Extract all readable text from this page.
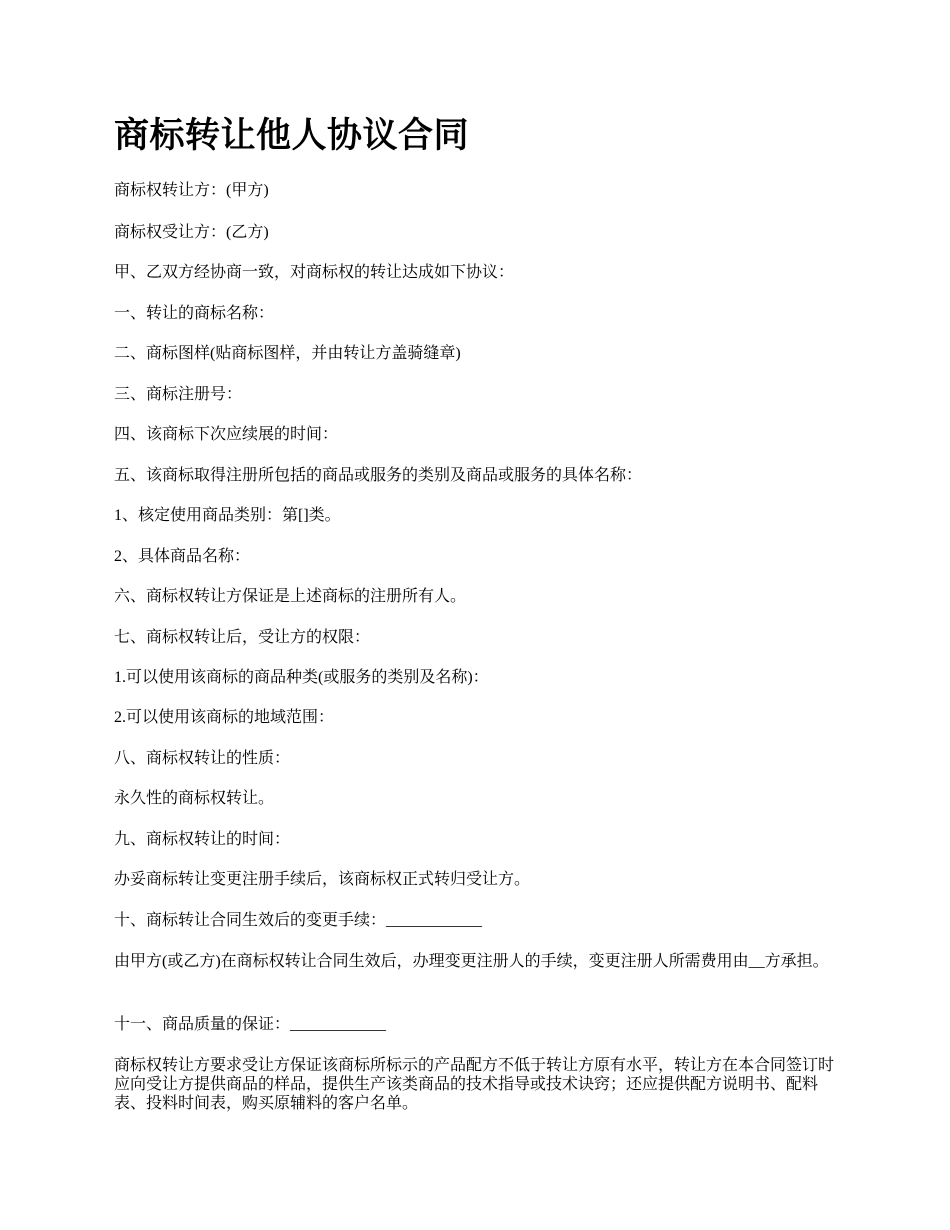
商标转让他人协议合同

商标权转让方：(甲方)

商标权受让方：(乙方)

甲、乙双方经协商一致，对商标权的转让达成如下协议：

一、转让的商标名称：

二、商标图样(贴商标图样，并由转让方盖骑缝章)

三、商标注册号：

四、该商标下次应续展的时间：

五、该商标取得注册所包括的商品或服务的类别及商品或服务的具体名称：

1、核定使用商品类别：第[]类。

2、具体商品名称：

六、商标权转让方保证是上述商标的注册所有人。

七、商标权转让后，受让方的权限：

1.可以使用该商标的商品种类(或服务的类别及名称)：

2.可以使用该商标的地域范围：

八、商标权转让的性质：

永久性的商标权转让。

九、商标权转让的时间：

办妥商标转让变更注册手续后，该商标权正式转归受让方。

十、商标转让合同生效后的变更手续：____________

由甲方(或乙方)在商标权转让合同生效后，办理变更注册人的手续，变更注册人所需费用由__方承担。

十一、商品质量的保证：____________

商标权转让方要求受让方保证该商标所标示的产品配方不低于转让方原有水平，转让方在本合同签订时应向受让方提供商品的样品，提供生产该类商品的技术指导或技术诀窍；还应提供配方说明书、配料表、投料时间表，购买原辅料的客户名单。
